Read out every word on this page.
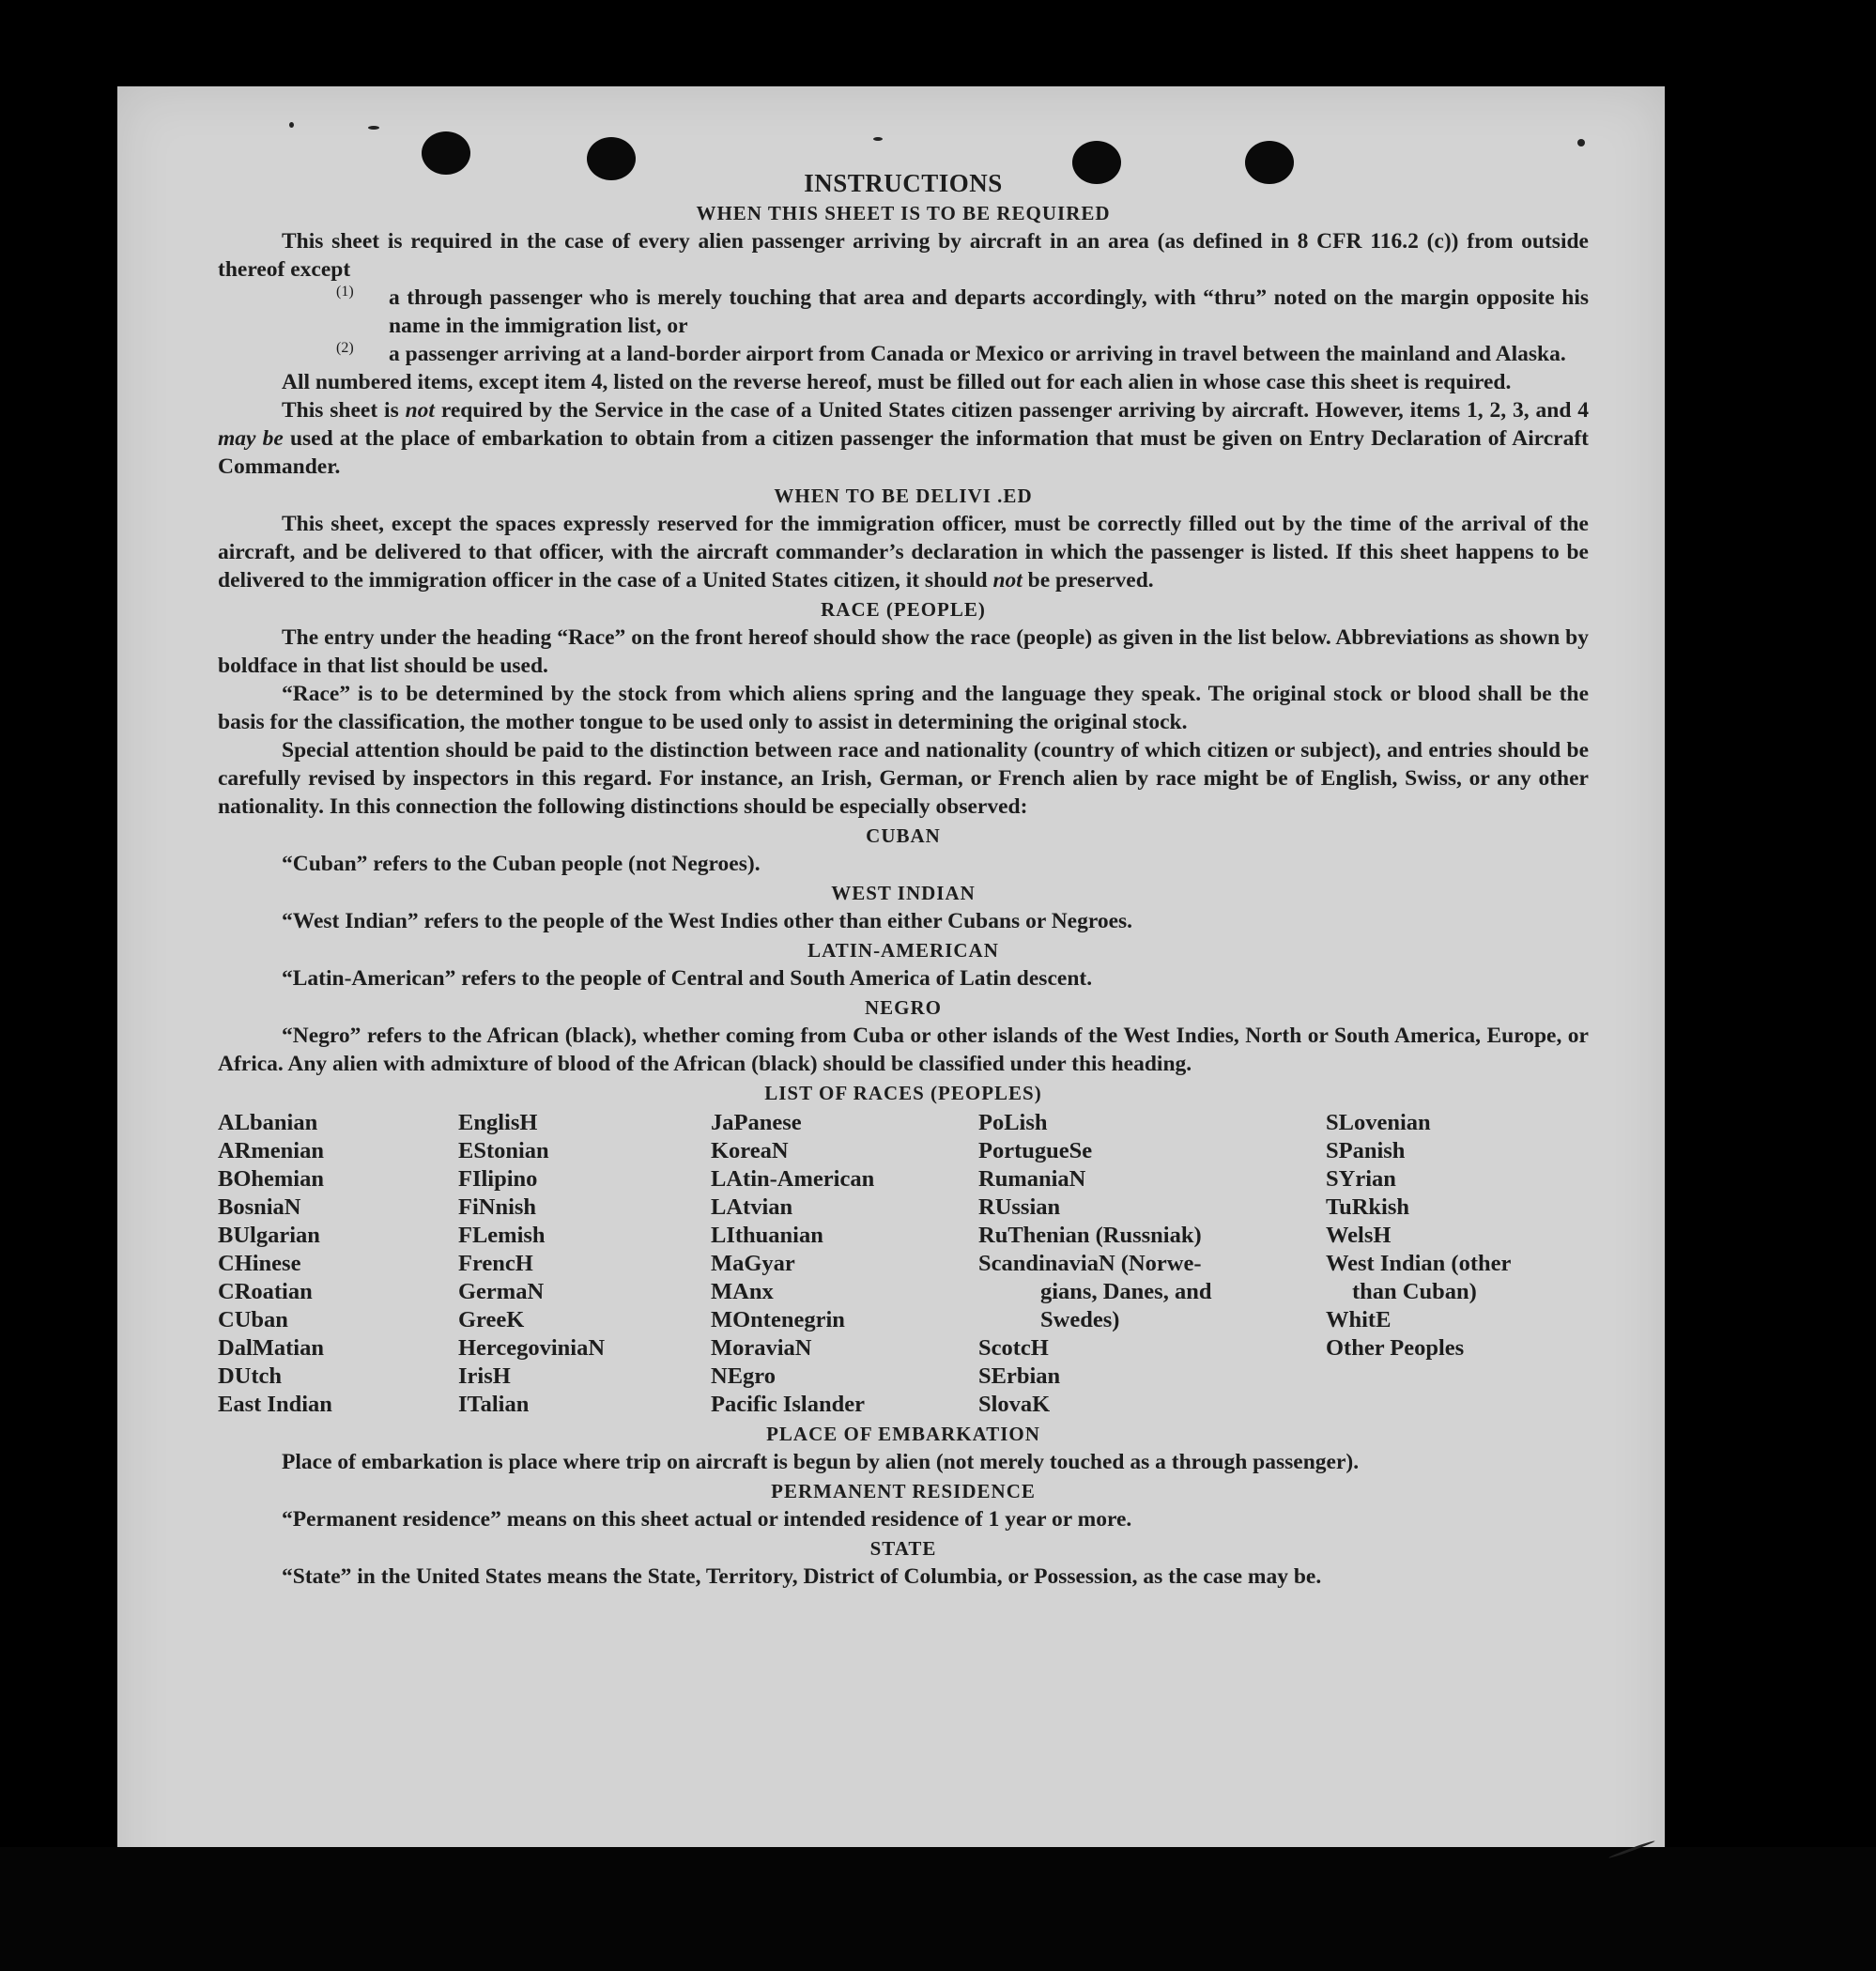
INSTRUCTIONS
WHEN THIS SHEET IS TO BE REQUIRED

This sheet is required in the case of every alien passenger arriving by aircraft in an area (as defined in 8 CFR 116.2 (c)) from outside thereof except

(1)	a through passenger who is merely touching that area and departs accordingly, with “thru” noted on the margin opposite his name in the immigration list, or

(2)	a passenger arriving at a land-border airport from Canada or Mexico or arriving in travel between the mainland and Alaska.

All numbered items, except item 4, listed on the reverse hereof, must be filled out for each alien in whose case this sheet is required.

This sheet is not required by the Service in the case of a United States citizen passenger arriving by aircraft. However, items 1, 2, 3, and 4 may be used at the place of embarkation to obtain from a citizen passenger the information that must be given on Entry Declaration of Aircraft Commander.

WHEN TO BE DELIVI .ED

This sheet, except the spaces expressly reserved for the immigration officer, must be correctly filled out by the time of the arrival of the aircraft, and be delivered to that officer, with the aircraft commander’s declaration in which the passenger is listed. If this sheet happens to be delivered to the immigration officer in the case of a United States citizen, it should not be preserved.

RACE (PEOPLE)

The entry under the heading “Race” on the front hereof should show the race (people) as given in the list below. Abbreviations as shown by boldface in that list should be used.

“Race” is to be determined by the stock from which aliens spring and the language they speak. The original stock or blood shall be the basis for the classification, the mother tongue to be used only to assist in determining the original stock.

Special attention should be paid to the distinction between race and nationality (country of which citizen or subject), and entries should be carefully revised by inspectors in this regard. For instance, an Irish, German, or French alien by race might be of English, Swiss, or any other nationality. In this connection the following distinctions should be especially observed:

CUBAN

“Cuban” refers to the Cuban people (not Negroes).

WEST INDIAN

“West Indian” refers to the people of the West Indies other than either Cubans or Negroes.

LATIN-AMERICAN

“Latin-American” refers to the people of Central and South America of Latin descent.

NEGRO

“Negro” refers to the African (black), whether coming from Cuba or other islands of the West Indies, North or South America, Europe, or Africa. Any alien with admixture of blood of the African (black) should be classified under this heading.

LIST OF RACES (PEOPLES)
ALbanian
ARmenian
BOhemian
BosniaN
BUlgarian
CHinese
CRoatian
CUban
DalMatian
DUtch
East Indian
EnglisH
EStonian
FIlipino
FiNnish
FLemish
FrencH
GermaN
GreeK
HercegoviniaN
IrisH
ITalian
JaPanese
KoreaN
LAtin-American
LAtvian
LIthuanian
MaGyar
MAnx
MOntenegrin
MoraviaN
NEgro
Pacific Islander
PoLish
PortugueSe
RumaniaN
RUssian
RuThenian (Russniak)
ScandinaviaN (Norwe-
gians, Danes, and
Swedes)
ScotcH
SErbian
SlovaK
SLovenian
SPanish
SYrian
TuRkish
WelsH
West Indian (other
than Cuban)
WhitE
Other Peoples
PLACE OF EMBARKATION

Place of embarkation is place where trip on aircraft is begun by alien (not merely touched as a through passenger).

PERMANENT RESIDENCE

“Permanent residence” means on this sheet actual or intended residence of 1 year or more.

STATE

“State” in the United States means the State, Territory, District of Columbia, or Possession, as the case may be.
